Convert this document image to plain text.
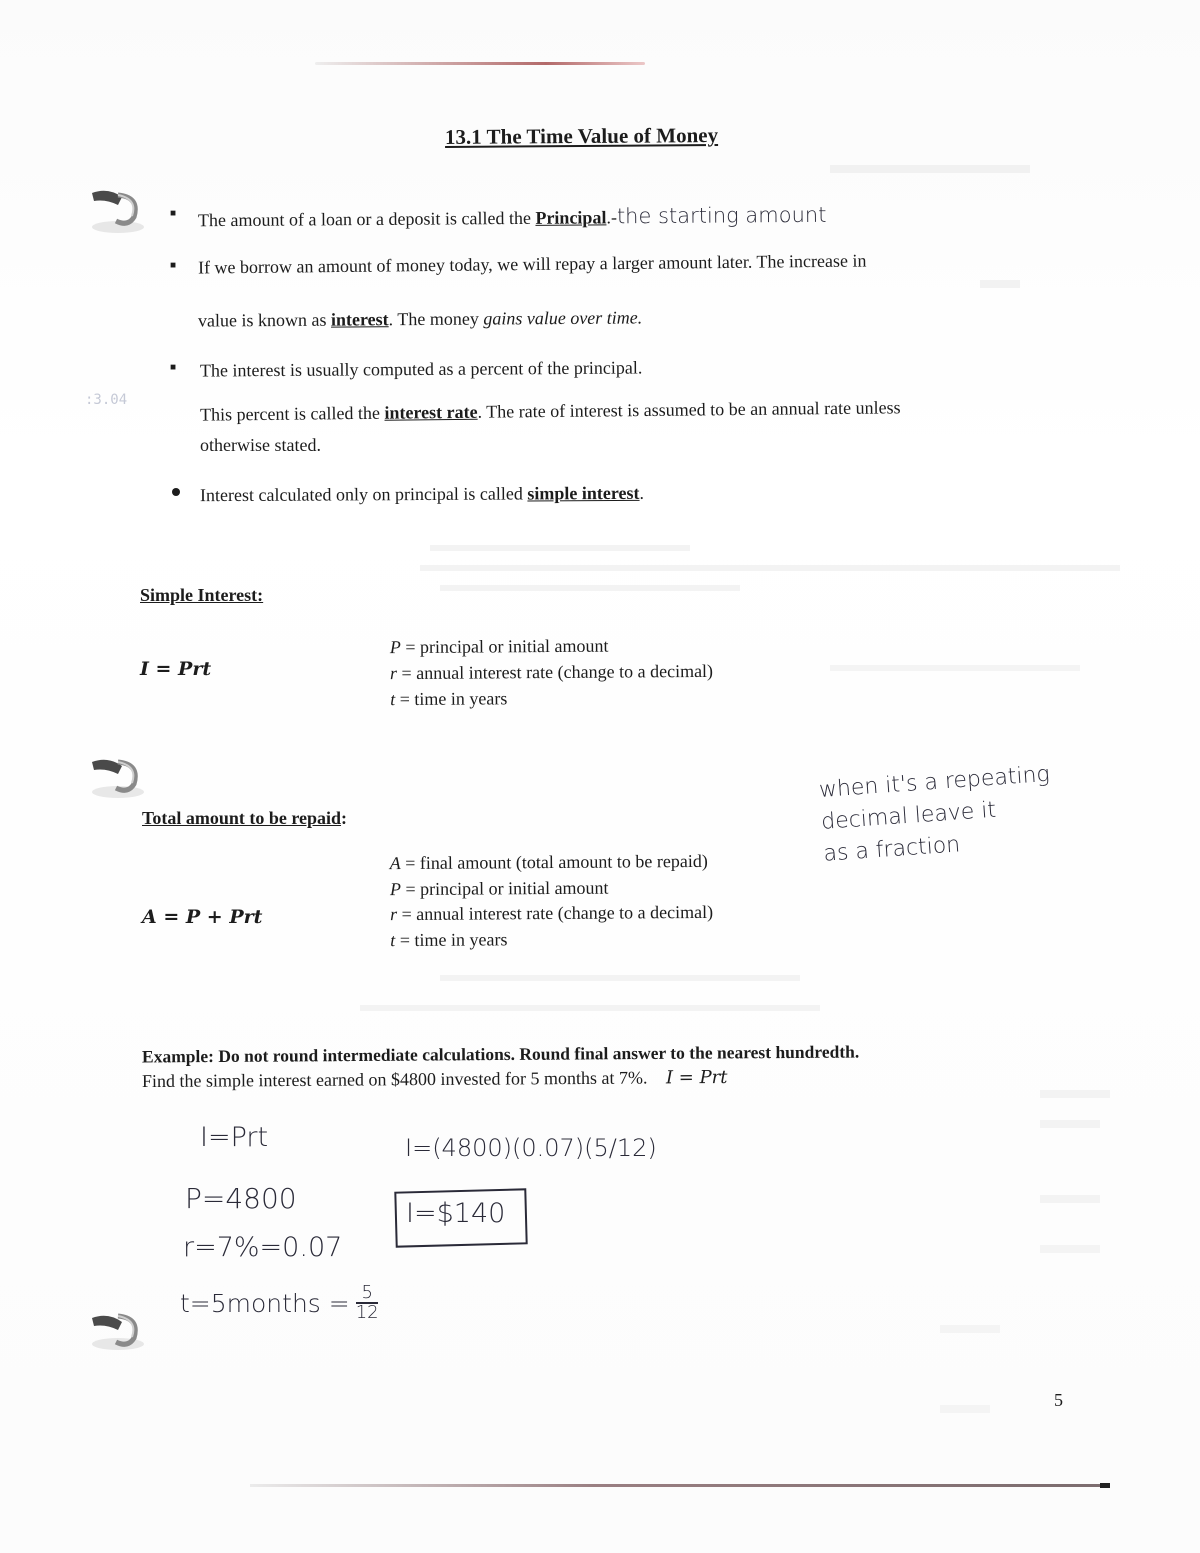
13.1 The Time Value of Money
■ The amount of a loan or a deposit is called the Principal.-the starting amount
■ If we borrow an amount of money today, we will repay a larger amount later. The increase in
value is known as interest. The money gains value over time.
■ The interest is usually computed as a percent of the principal.
:3.04
This percent is called the interest rate. The rate of interest is assumed to be an annual rate unless
otherwise stated.
Interest calculated only on principal is called simple interest.
Simple Interest:
I = Prt
P = principal or initial amount
r = annual interest rate (change to a decimal)
t = time in years
Total amount to be repaid:
when it's a repeating
decimal leave it
as a fraction
A = P + Prt
A = final amount (total amount to be repaid)
P = principal or initial amount
r = annual interest rate (change to a decimal)
t = time in years
Example: Do not round intermediate calculations. Round final answer to the nearest hundredth.
Find the simple interest earned on $4800 invested for 5 months at 7%. I = Prt
I=Prt
P=4800
r=7%=0.07
t=5months = 5
12
I=(4800)(0.07)(5/12)
I=$140
5
